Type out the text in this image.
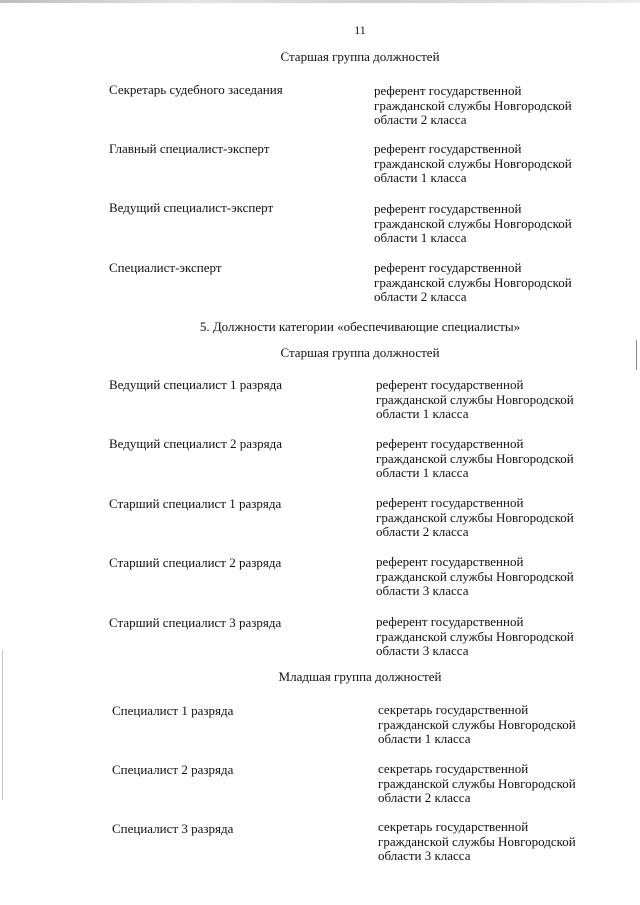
11
Старшая группа должностей
Секретарь судебного заседания	референт государственной
гражданской службы Новгородской
области 2 класса
Главный специалист-эксперт	референт государственной
гражданской службы Новгородской
области 1 класса
Ведущий специалист-эксперт	референт государственной
гражданской службы Новгородской
области 1 класса
Специалист-эксперт	референт государственной
гражданской службы Новгородской
области 2 класса
5. Должности категории «обеспечивающие специалисты»
Старшая группа должностей
Ведущий специалист 1 разряда	референт государственной
гражданской службы Новгородской
области 1 класса
Ведущий специалист 2 разряда	референт государственной
гражданской службы Новгородской
области 1 класса
Старший специалист 1 разряда	референт государственной
гражданской службы Новгородской
области 2 класса
Старший специалист 2 разряда	референт государственной
гражданской службы Новгородской
области 3 класса
Старший специалист 3 разряда	референт государственной
гражданской службы Новгородской
области 3 класса
Младшая группа должностей
Специалист 1 разряда	секретарь государственной
гражданской службы Новгородской
области 1 класса
Специалист 2 разряда	секретарь государственной
гражданской службы Новгородской
области 2 класса
Специалист 3 разряда	секретарь государственной
гражданской службы Новгородской
области 3 класса
